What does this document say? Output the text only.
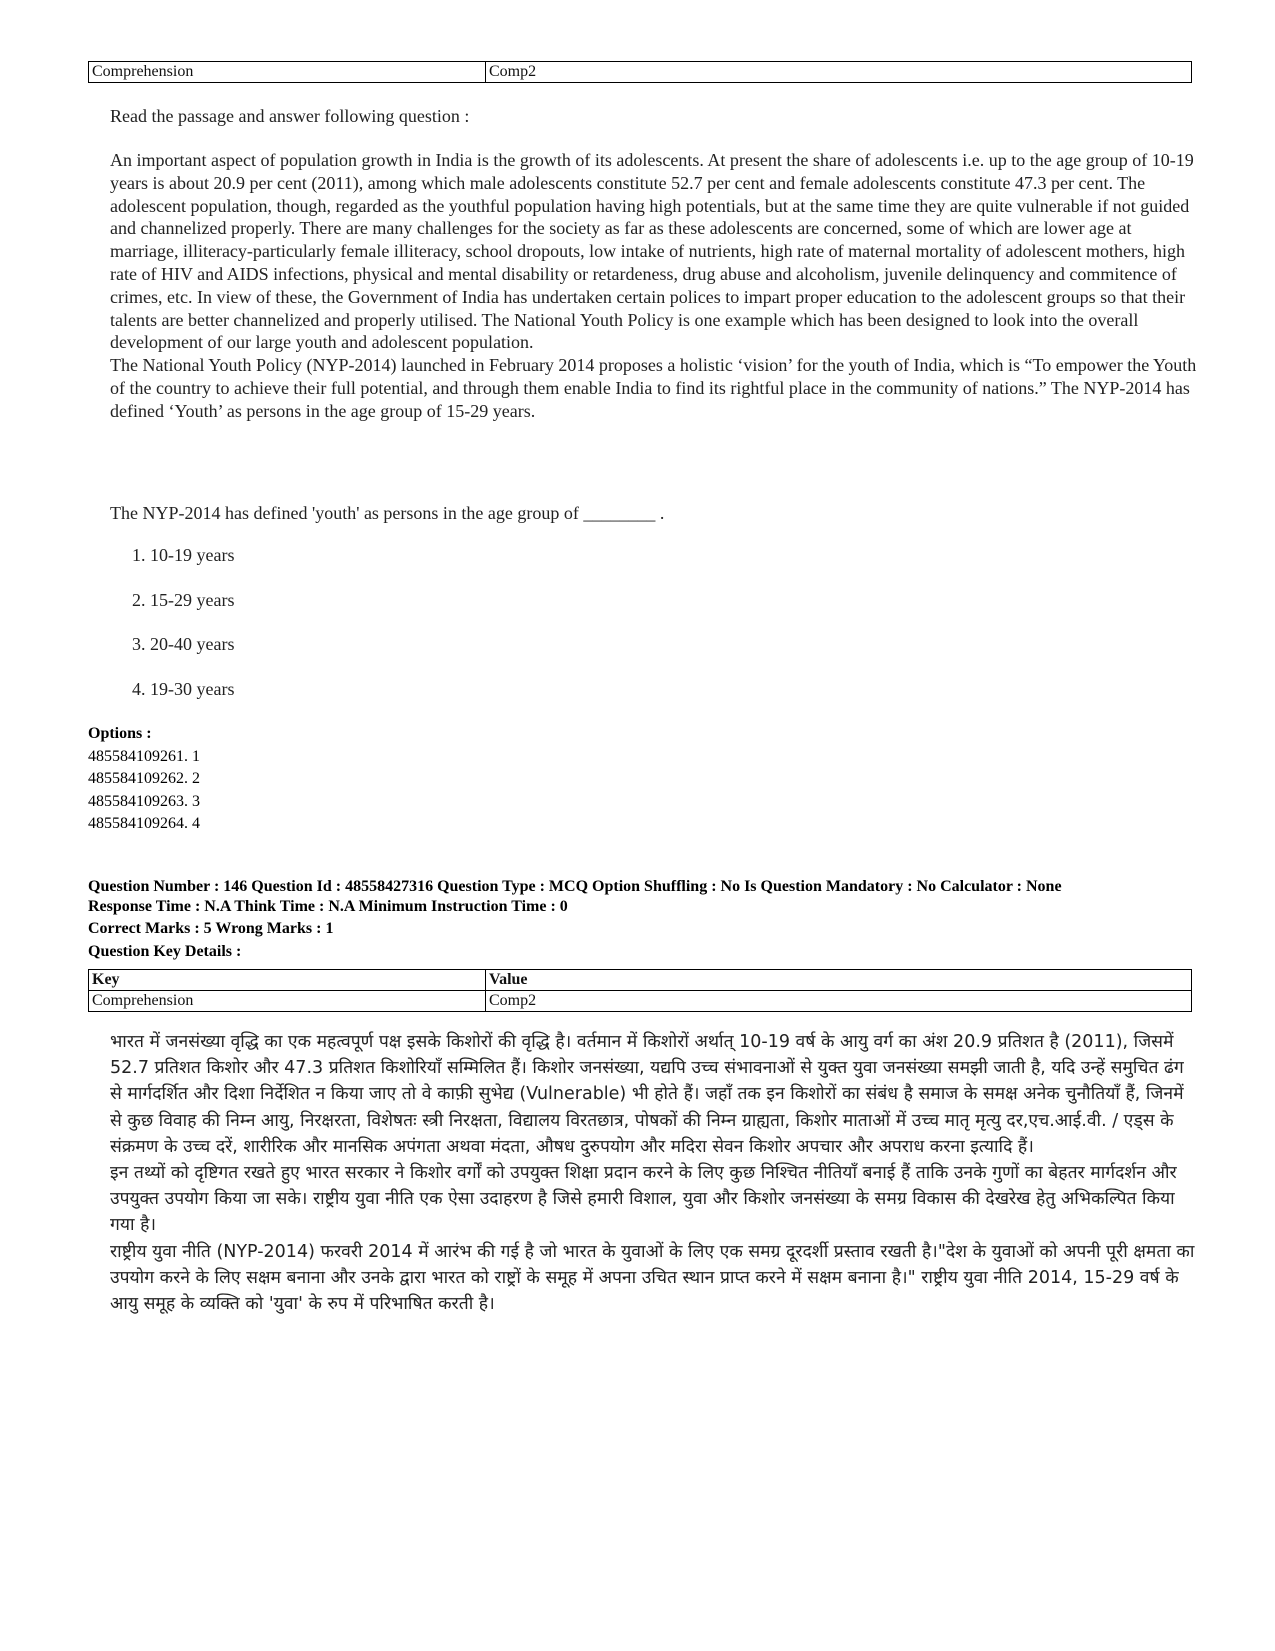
Comprehension	Comp2
Read the passage and answer following question :

An important aspect of population growth in India is the growth of its adolescents. At present the share of adolescents i.e. up to the age group of 10-19 years is about 20.9 per cent (2011), among which male adolescents constitute 52.7 per cent and female adolescents constitute 47.3 per cent. The adolescent population, though, regarded as the youthful population having high potentials, but at the same time they are quite vulnerable if not guided and channelized properly. There are many challenges for the society as far as these adolescents are concerned, some of which are lower age at marriage, illiteracy-particularly female illiteracy, school dropouts, low intake of nutrients, high rate of maternal mortality of adolescent mothers, high rate of HIV and AIDS infections, physical and mental disability or retardeness, drug abuse and alcoholism, juvenile delinquency and commitence of crimes, etc. In view of these, the Government of India has undertaken certain polices to impart proper education to the adolescent groups so that their talents are better channelized and properly utilised. The National Youth Policy is one example which has been designed to look into the overall development of our large youth and adolescent population.

The National Youth Policy (NYP-2014) launched in February 2014 proposes a holistic ‘vision’ for the youth of India, which is “To empower the Youth of the country to achieve their full potential, and through them enable India to find its rightful place in the community of nations.” The NYP-2014 has defined ‘Youth’ as persons in the age group of 15-29 years.

The NYP-2014 has defined 'youth' as persons in the age group of ________ .
1. 10-19 years
2. 15-29 years
3. 20-40 years
4. 19-30 years
Options :
485584109261. 1
485584109262. 2
485584109263. 3
485584109264. 4
Question Number : 146 Question Id : 48558427316 Question Type : MCQ Option Shuffling : No Is Question Mandatory : No Calculator : None
Response Time : N.A Think Time : N.A Minimum Instruction Time : 0
Correct Marks : 5 Wrong Marks : 1
Question Key Details :
Key	Value
Comprehension	Comp2

भारत में जनसंख्या वृद्धि का एक महत्वपूर्ण पक्ष इसके किशोरों की वृद्धि है। वर्तमान में किशोरों अर्थात् 10-19 वर्ष के आयु वर्ग का अंश 20.9 प्रतिशत है (2011), जिसमें 52.7 प्रतिशत किशोर और 47.3 प्रतिशत किशोरियाँ सम्मिलित हैं। किशोर जनसंख्या, यद्यपि उच्च संभावनाओं से युक्त युवा जनसंख्या समझी जाती है, यदि उन्हें समुचित ढंग से मार्गदर्शित और दिशा निर्देशित न किया जाए तो वे काफ़ी सुभेद्य (Vulnerable) भी होते हैं। जहाँ तक इन किशोरों का संबंध है समाज के समक्ष अनेक चुनौतियाँ हैं, जिनमें से कुछ विवाह की निम्न आयु, निरक्षरता, विशेषतः स्त्री निरक्षता, विद्यालय विरतछात्र, पोषकों की निम्न ग्राह्यता, किशोर माताओं में उच्च मातृ मृत्यु दर,एच.आई.वी. / एड्स के संक्रमण के उच्च दरें, शारीरिक और मानसिक अपंगता अथवा मंदता, औषध दुरुपयोग और मदिरा सेवन किशोर अपचार और अपराध करना इत्यादि हैं।

इन तथ्यों को दृष्टिगत रखते हुए भारत सरकार ने किशोर वर्गों को उपयुक्त शिक्षा प्रदान करने के लिए कुछ निश्चित नीतियाँ बनाई हैं ताकि उनके गुणों का बेहतर मार्गदर्शन और उपयुक्त उपयोग किया जा सके। राष्ट्रीय युवा नीति एक ऐसा उदाहरण है जिसे हमारी विशाल, युवा और किशोर जनसंख्या के समग्र विकास की देखरेख हेतु अभिकल्पित किया गया है।

राष्ट्रीय युवा नीति (NYP-2014) फरवरी 2014 में आरंभ की गई है जो भारत के युवाओं के लिए एक समग्र दूरदर्शी प्रस्ताव रखती है।"देश के युवाओं को अपनी पूरी क्षमता का उपयोग करने के लिए सक्षम बनाना और उनके द्वारा भारत को राष्ट्रों के समूह में अपना उचित स्थान प्राप्त करने में सक्षम बनाना है।" राष्ट्रीय युवा नीति 2014, 15-29 वर्ष के आयु समूह के व्यक्ति को 'युवा' के रुप में परिभाषित करती है।
